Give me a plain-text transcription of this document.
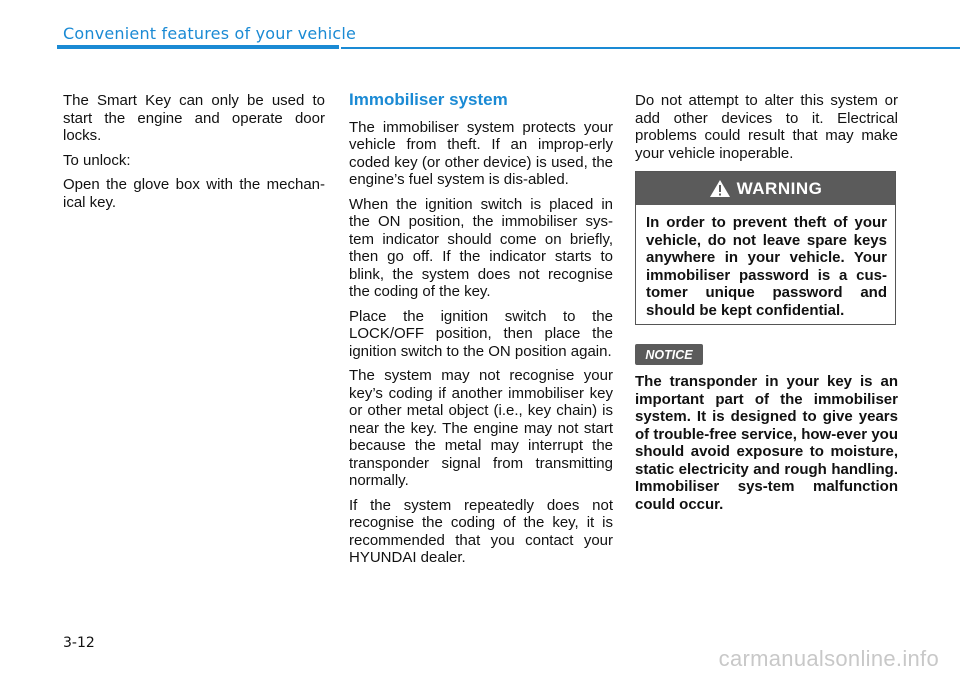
Convenient features of your vehicle

The Smart Key can only be used to start the engine and operate door locks.

To unlock:

Open the glove box with the mechan-ical key.

Immobiliser system

The immobiliser system protects your vehicle from theft. If an improp-erly coded key (or other device) is used, the engine’s fuel system is dis-abled.

When the ignition switch is placed in the ON position, the immobiliser sys-tem indicator should come on briefly, then go off. If the indicator starts to blink, the system does not recognise the coding of the key.

Place the ignition switch to the LOCK/OFF position, then place the ignition switch to the ON position again.

The system may not recognise your key’s coding if another immobiliser key or other metal object (i.e., key chain) is near the key. The engine may not start because the metal may interrupt the transponder signal from transmitting normally.

If the system repeatedly does not recognise the coding of the key, it is recommended that you contact your HYUNDAI dealer.

Do not attempt to alter this system or add other devices to it. Electrical problems could result that may make your vehicle inoperable.

WARNING
In order to prevent theft of your vehicle, do not leave spare keys anywhere in your vehicle. Your immobiliser password is a cus-tomer unique password and should be kept confidential.
NOTICE

The transponder in your key is an important part of the immobiliser system. It is designed to give years of trouble-free service, how-ever you should avoid exposure to moisture, static electricity and rough handling. Immobiliser sys-tem malfunction could occur.

3-12
carmanualsonline.info
